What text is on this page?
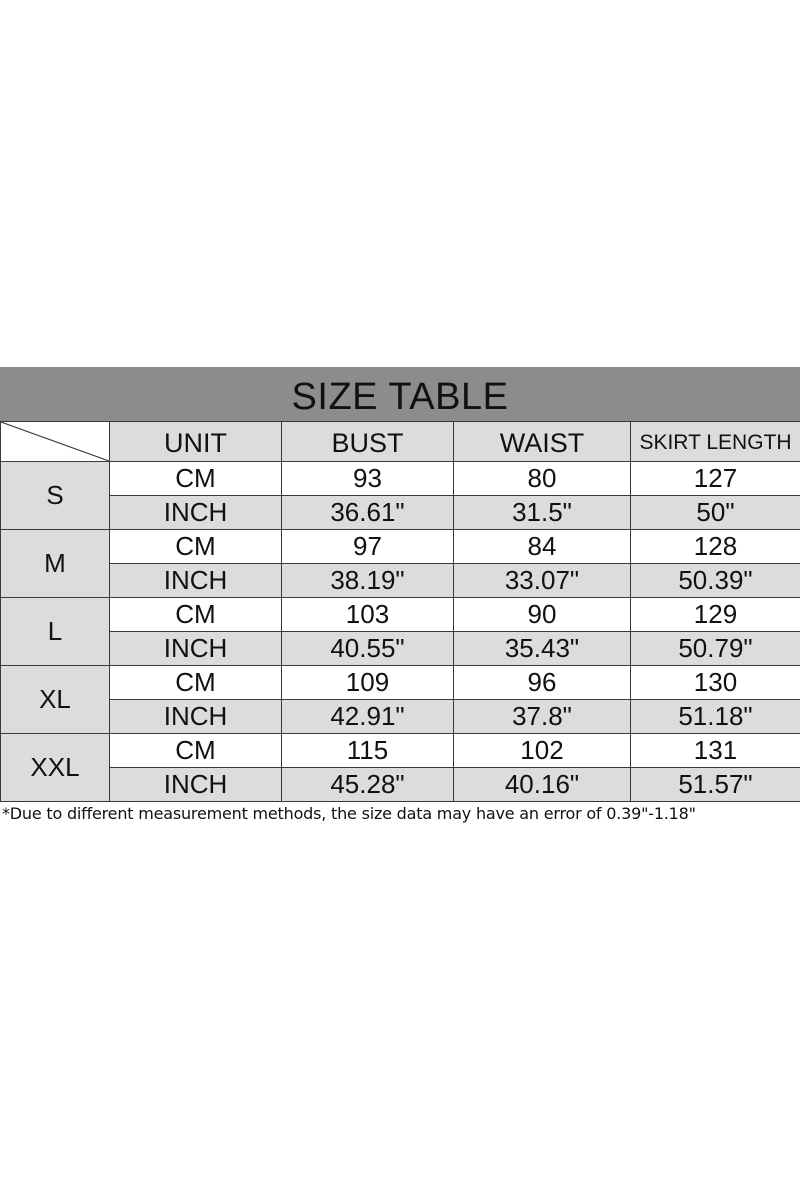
SIZE TABLE
	UNIT	BUST	WAIST	SKIRT LENGTH
S	CM	93	80	127
	INCH	36.61"	31.5"	50"
M	CM	97	84	128
	INCH	38.19"	33.07"	50.39"
L	CM	103	90	129
	INCH	40.55"	35.43"	50.79"
XL	CM	109	96	130
	INCH	42.91"	37.8"	51.18"
XXL	CM	115	102	131
	INCH	45.28"	40.16"	51.57"
*Due to different measurement methods, the size data may have an error of 0.39"-1.18"
